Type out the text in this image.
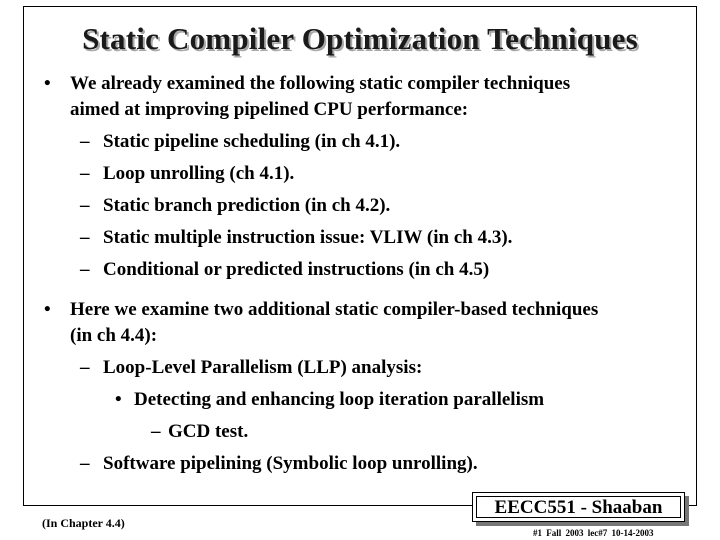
Static Compiler Optimization Techniques
• We already examined the following static compiler techniques
aimed at improving pipelined CPU performance:
– Static pipeline scheduling (in ch 4.1).
– Loop unrolling (ch 4.1).
– Static branch prediction (in ch 4.2).
– Static multiple instruction issue: VLIW (in ch 4.3).
– Conditional or predicted instructions (in ch 4.5)
• Here we examine two additional static compiler-based techniques
(in ch 4.4):
– Loop-Level Parallelism (LLP) analysis:
• Detecting and enhancing loop iteration parallelism
– GCD test.
– Software pipelining (Symbolic loop unrolling).
EECC551 - Shaaban
(In Chapter 4.4)
#1 Fall 2003 lec#7 10-14-2003
